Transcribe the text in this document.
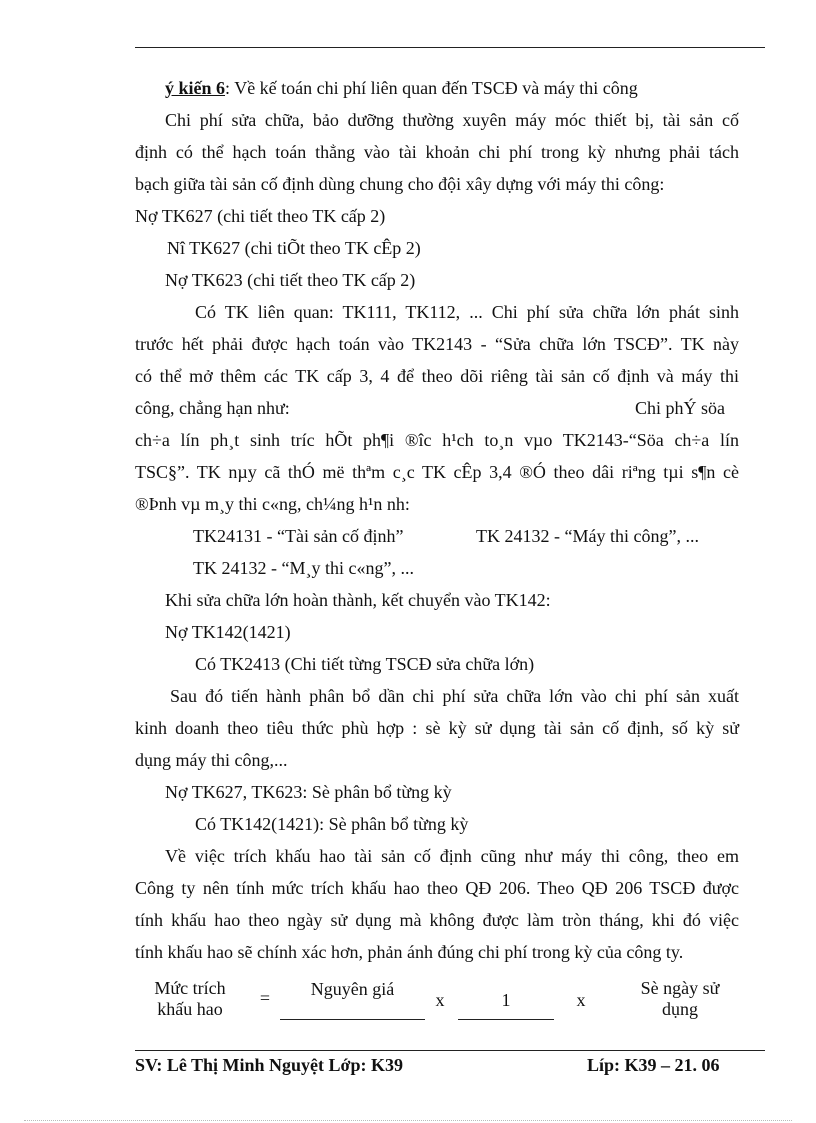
ý kiến 6: Về kế toán chi phí liên quan đến TSCĐ và máy thi công
Chi phí sửa chữa, bảo dưỡng thường xuyên máy móc thiết bị, tài sản cố
định có thể hạch toán thẳng vào tài khoản chi phí trong kỳ nhưng phải tách
bạch giữa tài sản cố định dùng chung cho đội xây dựng với máy thi công:
Nợ TK627 (chi tiết theo TK cấp 2)
Nî TK627 (chi tiÕt theo TK cÊp 2)
Nợ TK623 (chi tiết theo TK cấp 2)
Có TK liên quan: TK111, TK112, ... Chi phí sửa chữa lớn phát sinh
trước hết phải được hạch toán vào TK2143 - “Sửa chữa lớn TSCĐ”. TK này
có thể mở thêm các TK cấp 3, 4 để theo dõi riêng tài sản cố định và máy thi
công, chẳng hạn như:	Chi phÝ söa
ch÷a lín ph¸t sinh tríc hÕt ph¶i ®îc h¹ch to¸n vµo TK2143-“Söa ch÷a lín
TSC§”. TK nµy cã thÓ më thªm c¸c TK cÊp 3,4 ®Ó theo dâi riªng tµi s¶n cè
®Þnh vµ m¸y thi c«ng, ch¼ng h¹n nh:
TK24131 - “Tài sản cố định”	TK 24132 - “Máy thi công”, ...
TK 24132 - “M¸y thi c«ng”, ...
Khi sửa chữa lớn hoàn thành, kết chuyển vào TK142:
Nợ TK142(1421)
Có TK2413 (Chi tiết từng TSCĐ sửa chữa lớn)
Sau đó tiến hành phân bổ dần chi phí sửa chữa lớn vào chi phí sản xuất
kinh doanh theo tiêu thức phù hợp : sè kỳ sử dụng tài sản cố định, số kỳ sử
dụng máy thi công,...
Nợ TK627, TK623: Sè phân bổ từng kỳ
Có TK142(1421): Sè phân bổ từng kỳ
Về việc trích khấu hao tài sản cố định cũng như máy thi công, theo em
Công ty nên tính mức trích khấu hao theo QĐ 206. Theo QĐ 206 TSCĐ được
tính khấu hao theo ngày sử dụng mà không được làm tròn tháng, khi đó việc
tính khấu hao sẽ chính xác hơn, phản ánh đúng chi phí trong kỳ của công ty.
Mức trích
khấu hao
=	Nguyên giá
x	1	x
Sè ngày sử
dụng
SV: Lê Thị Minh Nguyệt Lớp: K39	Líp: K39 – 21. 06
